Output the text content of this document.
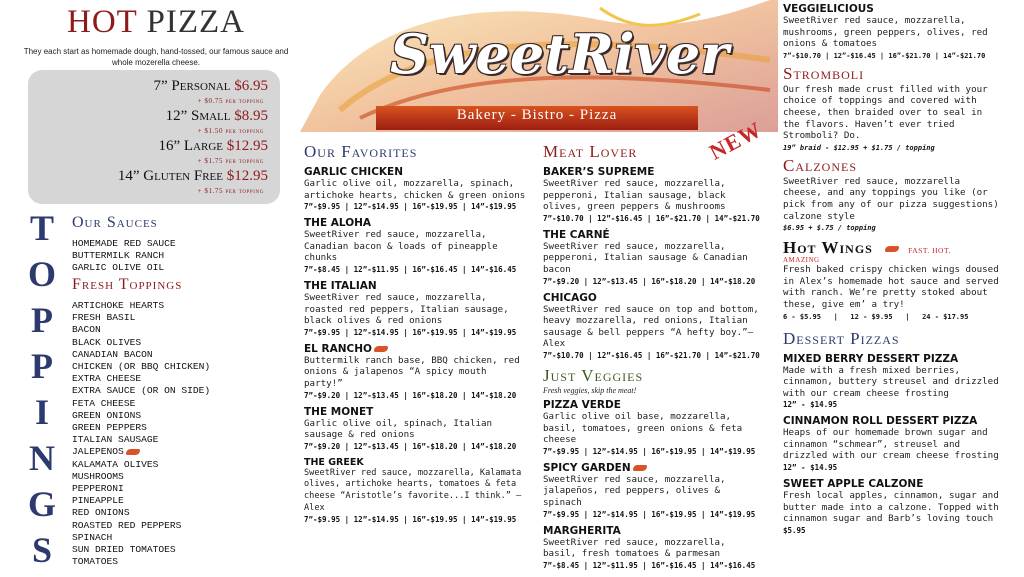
HOT PIZZA
They each start as homemade dough, hand-tossed, our famous sauce and whole mozerella cheese.
7” Personal $6.95
+ $0.75 per topping
12” Small $8.95
+ $1.50 per topping
16” Large $12.95
+ $1.75 per topping
14” Gluten Free $12.95
+ $1.75 per topping
T
O
P
P
I
N
G
S
Our Sauces
HOMEMADE RED SAUCE
BUTTERMILK RANCH
GARLIC OLIVE OIL
Fresh Toppings
ARTICHOKE HEARTS
FRESH BASIL
BACON
BLACK OLIVES
CANADIAN BACON
CHICKEN (OR BBQ CHICKEN)
EXTRA CHEESE
EXTRA SAUCE (OR ON SIDE)
FETA CHEESE
GREEN ONIONS
GREEN PEPPERS
ITALIAN SAUSAGE
JALEPENOS
KALAMATA OLIVES
MUSHROOMS
PEPPERONI
PINEAPPLE
RED ONIONS
ROASTED RED PEPPERS
SPINACH
SUN DRIED TOMATOES
TOMATOES
SweetRiver
Bakery - Bistro - Pizza
Our Favorites
GARLIC CHICKEN
Garlic olive oil, mozzarella, spinach, artichoke hearts, chicken & green onions
7”-$9.95 | 12”-$14.95 | 16”-$19.95 | 14”-$19.95
THE ALOHA
SweetRiver red sauce, mozzarella, Canadian bacon & loads of pineapple chunks
7”-$8.45 | 12”-$11.95 | 16”-$16.45 | 14”-$16.45
THE ITALIAN
SweetRiver red sauce, mozzarella, roasted red peppers, Italian sausage, black olives & red onions
7”-$9.95 | 12”-$14.95 | 16”-$19.95 | 14”-$19.95
EL RANCHO
Buttermilk ranch base, BBQ chicken, red onions & jalapenos “A spicy mouth party!”
7”-$9.20 | 12”-$13.45 | 16”-$18.20 | 14”-$18.20
THE MONET
Garlic olive oil, spinach, Italian sausage & red onions
7”-$9.20 | 12”-$13.45 | 16”-$18.20 | 14”-$18.20
THE GREEK
SweetRiver red sauce, mozzarella, Kalamata olives, artichoke hearts, tomatoes & feta cheese “Aristotle’s favorite...I think.” – Alex
7”-$9.95 | 12”-$14.95 | 16”-$19.95 | 14”-$19.95
Meat Lover
BAKER’S SUPREME
SweetRiver red sauce, mozzarella, pepperoni, Italian sausage, black olives, green peppers & mushrooms
7”-$10.70 | 12”-$16.45 | 16”-$21.70 | 14”-$21.70
THE CARNÉ
SweetRiver red sauce, mozzarella, pepperoni, Italian sausage & Canadian bacon
7”-$9.20 | 12”-$13.45 | 16”-$18.20 | 14”-$18.20
CHICAGO
SweetRiver red sauce on top and bottom, heavy mozzarella, red onions, Italian sausage & bell peppers “A hefty boy.”–Alex
7”-$10.70 | 12”-$16.45 | 16”-$21.70 | 14”-$21.70
Just Veggies
Fresh veggies, skip the meat!
PIZZA VERDE
Garlic olive oil base, mozzarella, basil, tomatoes, green onions & feta cheese
7”-$9.95 | 12”-$14.95 | 16”-$19.95 | 14”-$19.95
SPICY GARDEN
SweetRiver red sauce, mozzarella, jalapeños, red peppers, olives & spinach
7”-$9.95 | 12”-$14.95 | 16”-$19.95 | 14”-$19.95
MARGHERITA
SweetRiver red sauce, mozzarella, basil, fresh tomatoes & parmesan
7”-$8.45 | 12”-$11.95 | 16”-$16.45 | 14”-$16.45
NEW
VEGGIELICIOUS
SweetRiver red sauce, mozzarella, mushrooms, green peppers, olives, red onions & tomatoes
7”-$10.70 | 12”-$16.45 | 16”-$21.70 | 14”-$21.70
Stromboli
Our fresh made crust filled with your choice of toppings and covered with cheese, then braided over to seal in the flavors. Haven’t ever tried Stromboli? Do.
19” braid - $12.95 + $1.75 / topping
Calzones
SweetRiver red sauce, mozzarella cheese, and any toppings you like (or pick from any of our pizza suggestions) calzone style
$6.95 + $.75 / topping
Hot Wings	FAST. HOT.
AMAZING
Fresh baked crispy chicken wings doused in Alex’s homemade hot sauce and served with ranch. We’re pretty stoked about these, give em’ a try!
6 - $5.95   |   12 - $9.95   |   24 - $17.95
Dessert Pizzas
MIXED BERRY DESSERT PIZZA
Made with a fresh mixed berries, cinnamon, buttery streusel and drizzled with our cream cheese frosting
12” - $14.95
CINNAMON ROLL DESSERT PIZZA
Heaps of our homemade brown sugar and cinnamon “schmear”, streusel and drizzled with our cream cheese frosting
12” - $14.95
SWEET APPLE CALZONE
Fresh local apples, cinnamon, sugar and butter made into a calzone. Topped with cinnamon sugar and Barb’s loving touch
$5.95
